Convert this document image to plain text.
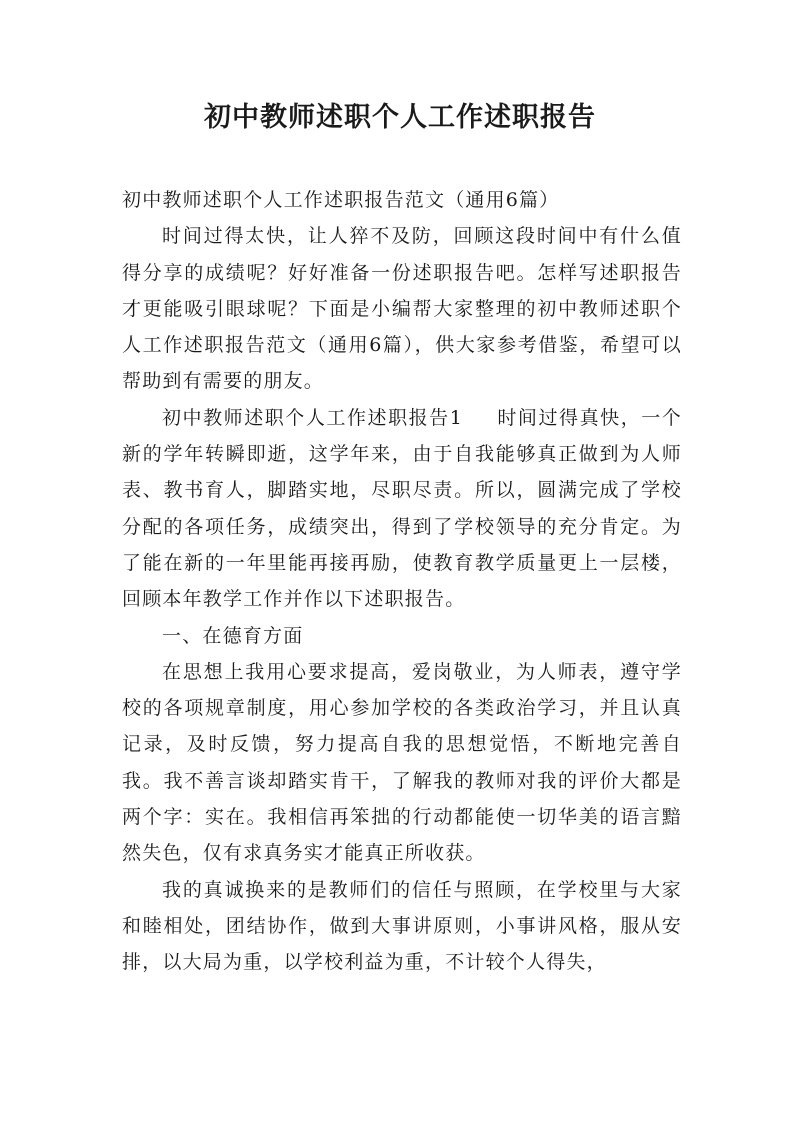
初中教师述职个人工作述职报告

初中教师述职个人工作述职报告范文（通用6篇）

时间过得太快，让人猝不及防，回顾这段时间中有什么值得分享的成绩呢？好好准备一份述职报告吧。怎样写述职报告才更能吸引眼球呢？下面是小编帮大家整理的初中教师述职个人工作述职报告范文（通用6篇），供大家参考借鉴，希望可以帮助到有需要的朋友。

初中教师述职个人工作述职报告1 时间过得真快，一个新的学年转瞬即逝，这学年来，由于自我能够真正做到为人师表、教书育人，脚踏实地，尽职尽责。所以，圆满完成了学校分配的各项任务，成绩突出，得到了学校领导的充分肯定。为了能在新的一年里能再接再励，使教育教学质量更上一层楼，回顾本年教学工作并作以下述职报告。

一、在德育方面

在思想上我用心要求提高，爱岗敬业，为人师表，遵守学校的各项规章制度，用心参加学校的各类政治学习，并且认真记录，及时反馈，努力提高自我的思想觉悟，不断地完善自我。我不善言谈却踏实肯干，了解我的教师对我的评价大都是两个字：实在。我相信再笨拙的行动都能使一切华美的语言黯然失色，仅有求真务实才能真正所收获。

我的真诚换来的是教师们的信任与照顾，在学校里与大家和睦相处，团结协作，做到大事讲原则，小事讲风格，服从安排，以大局为重，以学校利益为重，不计较个人得失，
